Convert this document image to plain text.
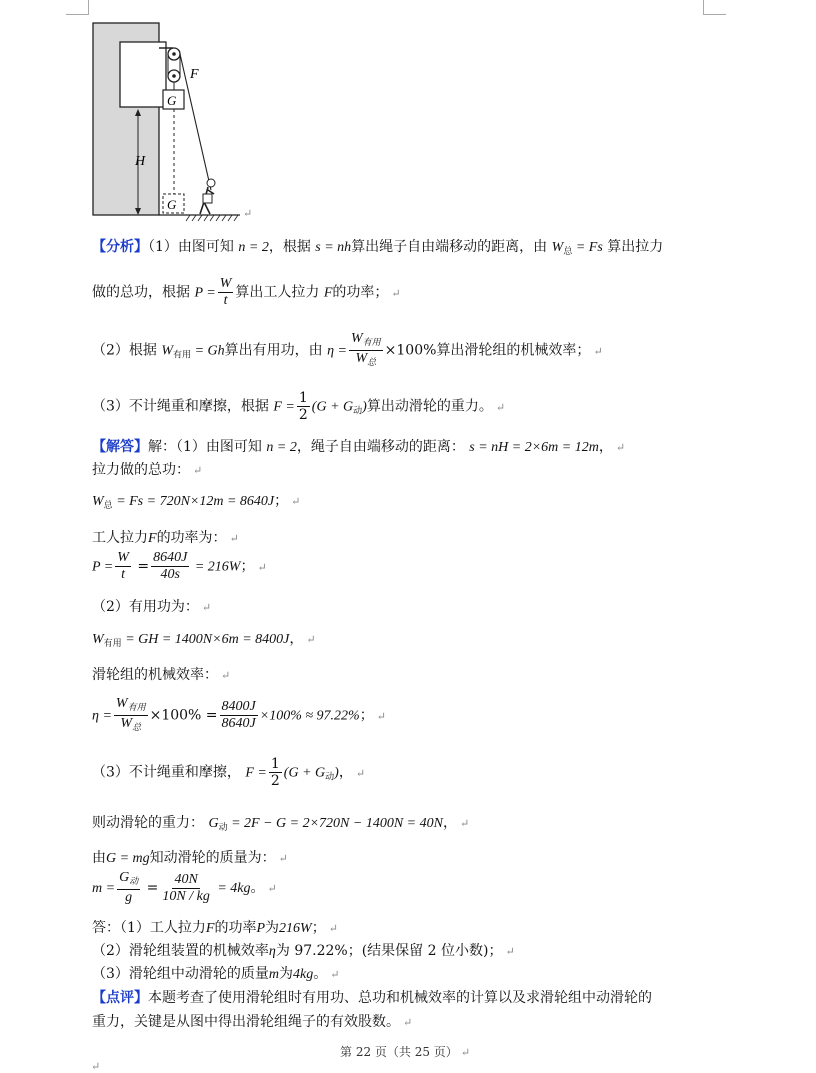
F
G
H
G
↵
【分析】（1）由图可知 n = 2，根据 s = nh算出绳子自由端移动的距离，由 $W_总 = Fs$ 算出拉力
做的总功，根据 $P = \frac{W}{t}$ 算出工人拉力 F的功率； ↵
（2）根据 $W_{有用} = Gh$算出有用功，由 $\eta = \frac{W_{有用}}{W_总} \times 100\%$算出滑轮组的机械效率； ↵
（3）不计绳重和摩擦，根据 $F = \frac{1}{2} (G + G_动)$算出动滑轮的重力。 ↵
【解答】解：（1）由图可知 n = 2，绳子自由端移动的距离： s = nH = 2×6m = 12m， ↵
拉力做的总功： ↵
$W_总 = Fs = 720N\times 12m = 8640J$； ↵
工人拉力F的功率为： ↵
$P = \frac{W}{t} = \frac{8640J}{40s} = 216W$； ↵
（2）有用功为： ↵
$W_{有用}$ = GH = 1400N×6m = 8400J， ↵
滑轮组的机械效率： ↵
$\eta = \frac{W_{有用}}{W_总} \times 100\% = \frac{8400J}{8640J} \times 100\% \approx 97.22\%$； ↵
（3）不计绳重和摩擦， $F = \frac{1}{2} (G + G_动)$， ↵
则动滑轮的重力： $G_动 = 2F - G = 2\times 720N - 1400N = 40N$， ↵
由G = mg知动滑轮的质量为： ↵
$m = \frac{G_动}{g} = \frac{40N}{10N / kg} = 4kg$。 ↵
答：（1）工人拉力F的功率P为216W； ↵
（2）滑轮组装置的机械效率η为 97.22%；(结果保留 2 位小数)； ↵
（3）滑轮组中动滑轮的质量m为4kg。 ↵
【点评】本题考查了使用滑轮组时有用功、总功和机械效率的计算以及求滑轮组中动滑轮的
重力，关键是从图中得出滑轮组绳子的有效股数。 ↵
第 22 页（共 25 页） ↵
↵
